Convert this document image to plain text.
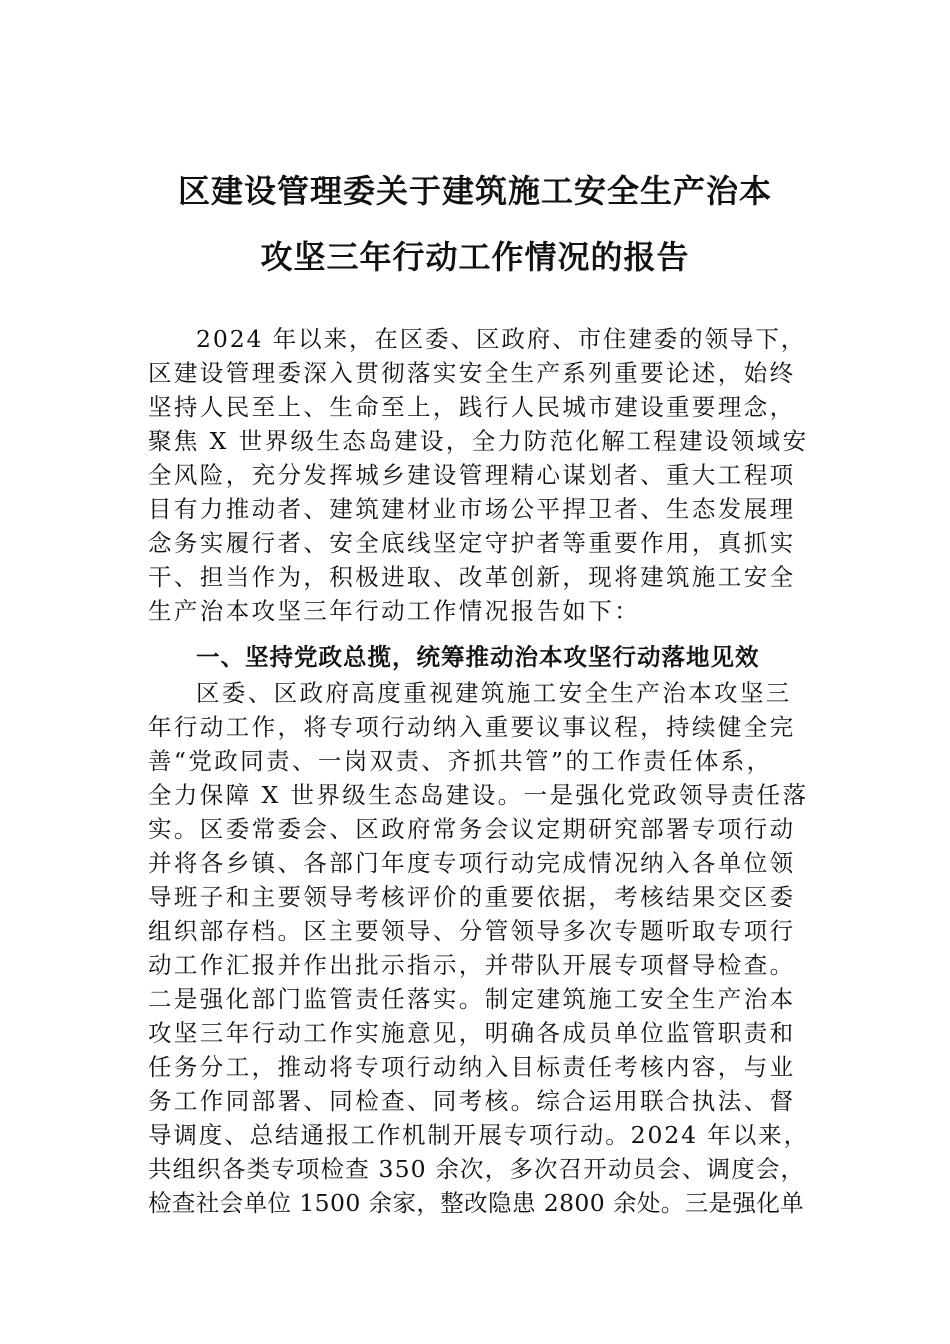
区建设管理委关于建筑施工安全生产治本
攻坚三年行动工作情况的报告
2024 年以来，在区委、区政府、市住建委的领导下，
区建设管理委深入贯彻落实安全生产系列重要论述，始终
坚持人民至上、生命至上，践行人民城市建设重要理念，
聚焦 X 世界级生态岛建设，全力防范化解工程建设领域安
全风险，充分发挥城乡建设管理精心谋划者、重大工程项
目有力推动者、建筑建材业市场公平捍卫者、生态发展理
念务实履行者、安全底线坚定守护者等重要作用，真抓实
干、担当作为，积极进取、改革创新，现将建筑施工安全
生产治本攻坚三年行动工作情况报告如下：
一、坚持党政总揽，统筹推动治本攻坚行动落地见效
区委、区政府高度重视建筑施工安全生产治本攻坚三
年行动工作，将专项行动纳入重要议事议程，持续健全完
善“党政同责、一岗双责、齐抓共管”的工作责任体系，
全力保障 X 世界级生态岛建设。一是强化党政领导责任落
实。区委常委会、区政府常务会议定期研究部署专项行动
并将各乡镇、各部门年度专项行动完成情况纳入各单位领
导班子和主要领导考核评价的重要依据，考核结果交区委
组织部存档。区主要领导、分管领导多次专题听取专项行
动工作汇报并作出批示指示，并带队开展专项督导检查。
二是强化部门监管责任落实。制定建筑施工安全生产治本
攻坚三年行动工作实施意见，明确各成员单位监管职责和
任务分工，推动将专项行动纳入目标责任考核内容，与业
务工作同部署、同检查、同考核。综合运用联合执法、督
导调度、总结通报工作机制开展专项行动。2024 年以来，
共组织各类专项检查 350 余次，多次召开动员会、调度会，
检查社会单位 1500 余家，整改隐患 2800 余处。三是强化单
